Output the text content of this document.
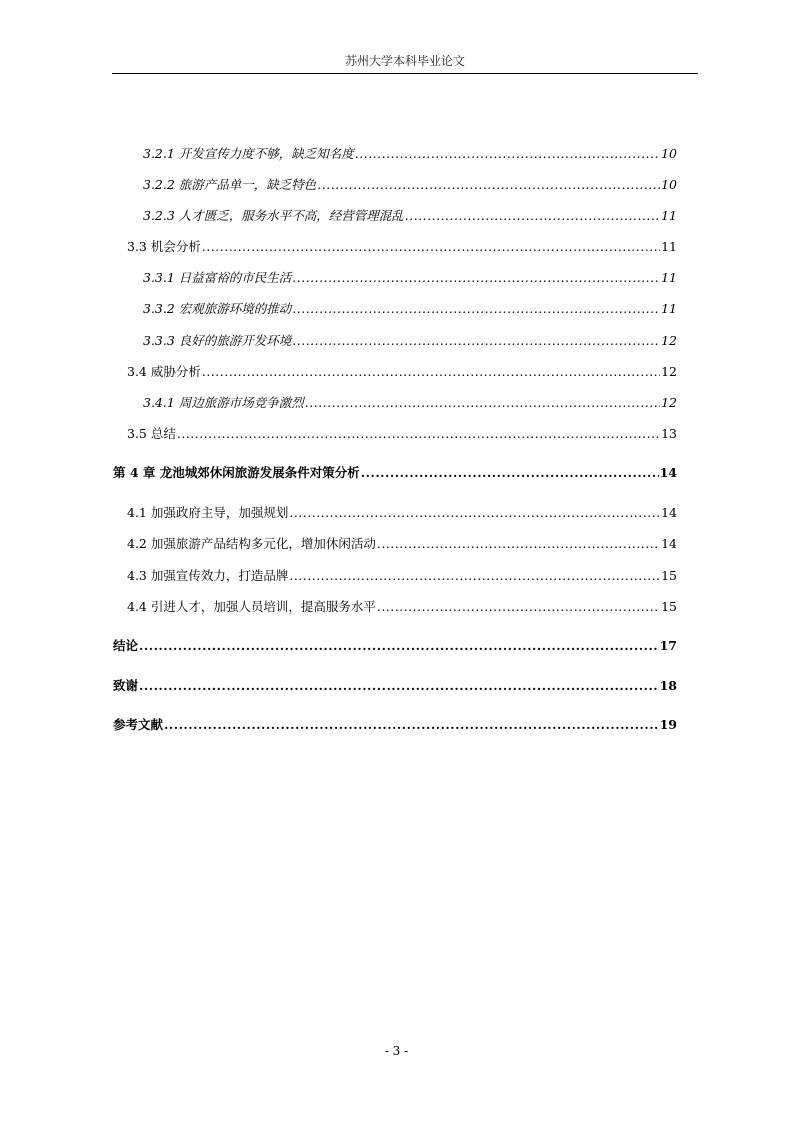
苏州大学本科毕业论文
3.2.1 开发宣传力度不够，缺乏知名度 .....	10
3.2.2 旅游产品单一，缺乏特色 .....	10
3.2.3 人才匮乏，服务水平不高，经营管理混乱 .....	11
3.3 机会分析 .....	11
3.3.1 日益富裕的市民生活 .....	11
3.3.2 宏观旅游环境的推动 .....	11
3.3.3 良好的旅游开发环境 .....	12
3.4 威胁分析 .....	12
3.4.1 周边旅游市场竞争激烈 .....	12
3.5 总结 .....	13
第 4 章 龙池城郊休闲旅游发展条件对策分析 .....	14
4.1 加强政府主导，加强规划 .....	14
4.2 加强旅游产品结构多元化，增加休闲活动 .....	14
4.3 加强宣传效力，打造品牌 .....	15
4.4 引进人才，加强人员培训，提高服务水平 .....	15
结论 .....	17
致谢 .....	18
参考文献 .....	19
- 3 -
